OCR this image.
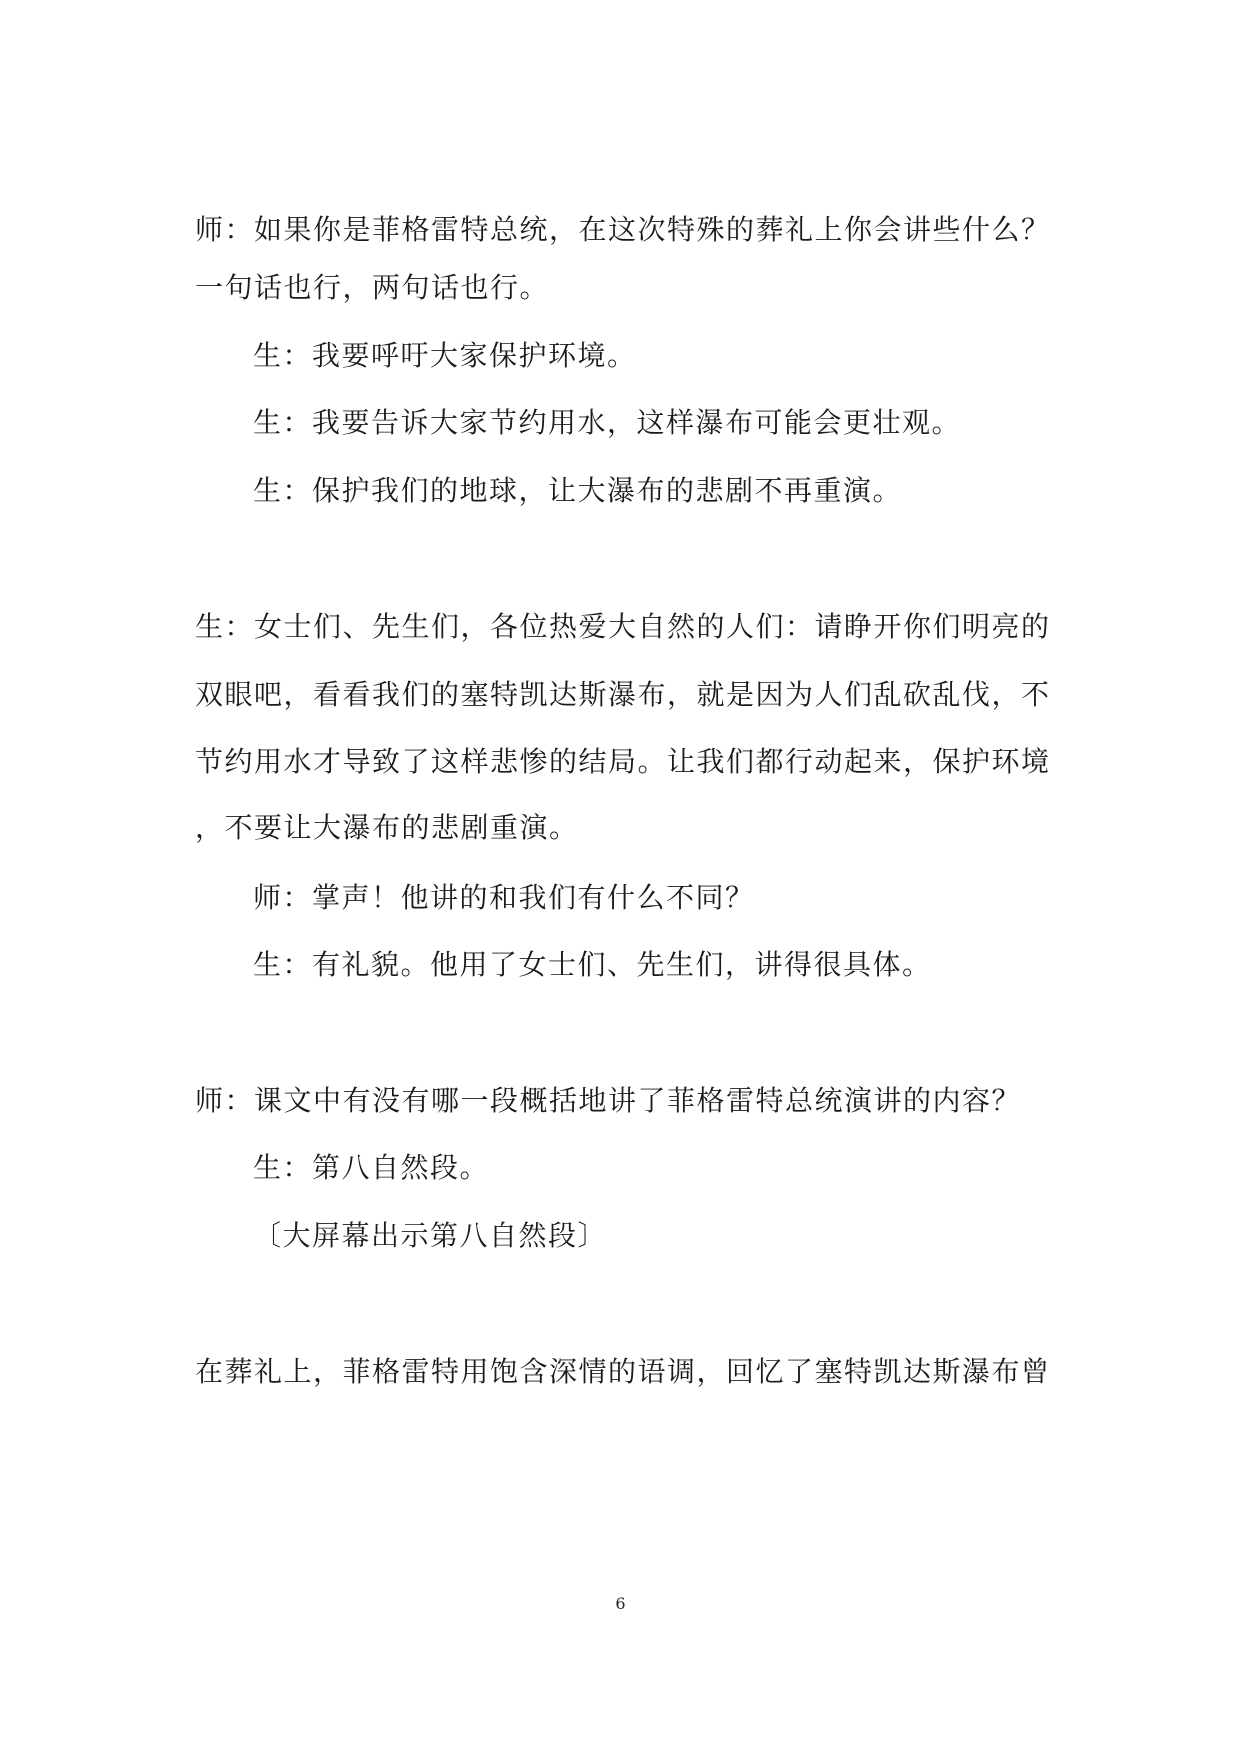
师：如果你是菲格雷特总统，在这次特殊的葬礼上你会讲些什么？
一句话也行，两句话也行。
生：我要呼吁大家保护环境。
生：我要告诉大家节约用水，这样瀑布可能会更壮观。
生：保护我们的地球，让大瀑布的悲剧不再重演。
生：女士们、先生们，各位热爱大自然的人们：请睁开你们明亮的
双眼吧，看看我们的塞特凯达斯瀑布，就是因为人们乱砍乱伐，不
节约用水才导致了这样悲惨的结局。让我们都行动起来，保护环境
，不要让大瀑布的悲剧重演。
师：掌声！他讲的和我们有什么不同？
生：有礼貌。他用了女士们、先生们，讲得很具体。
师：课文中有没有哪一段概括地讲了菲格雷特总统演讲的内容？
生：第八自然段。
〔大屏幕出示第八自然段〕
在葬礼上，菲格雷特用饱含深情的语调，回忆了塞特凯达斯瀑布曾
6
